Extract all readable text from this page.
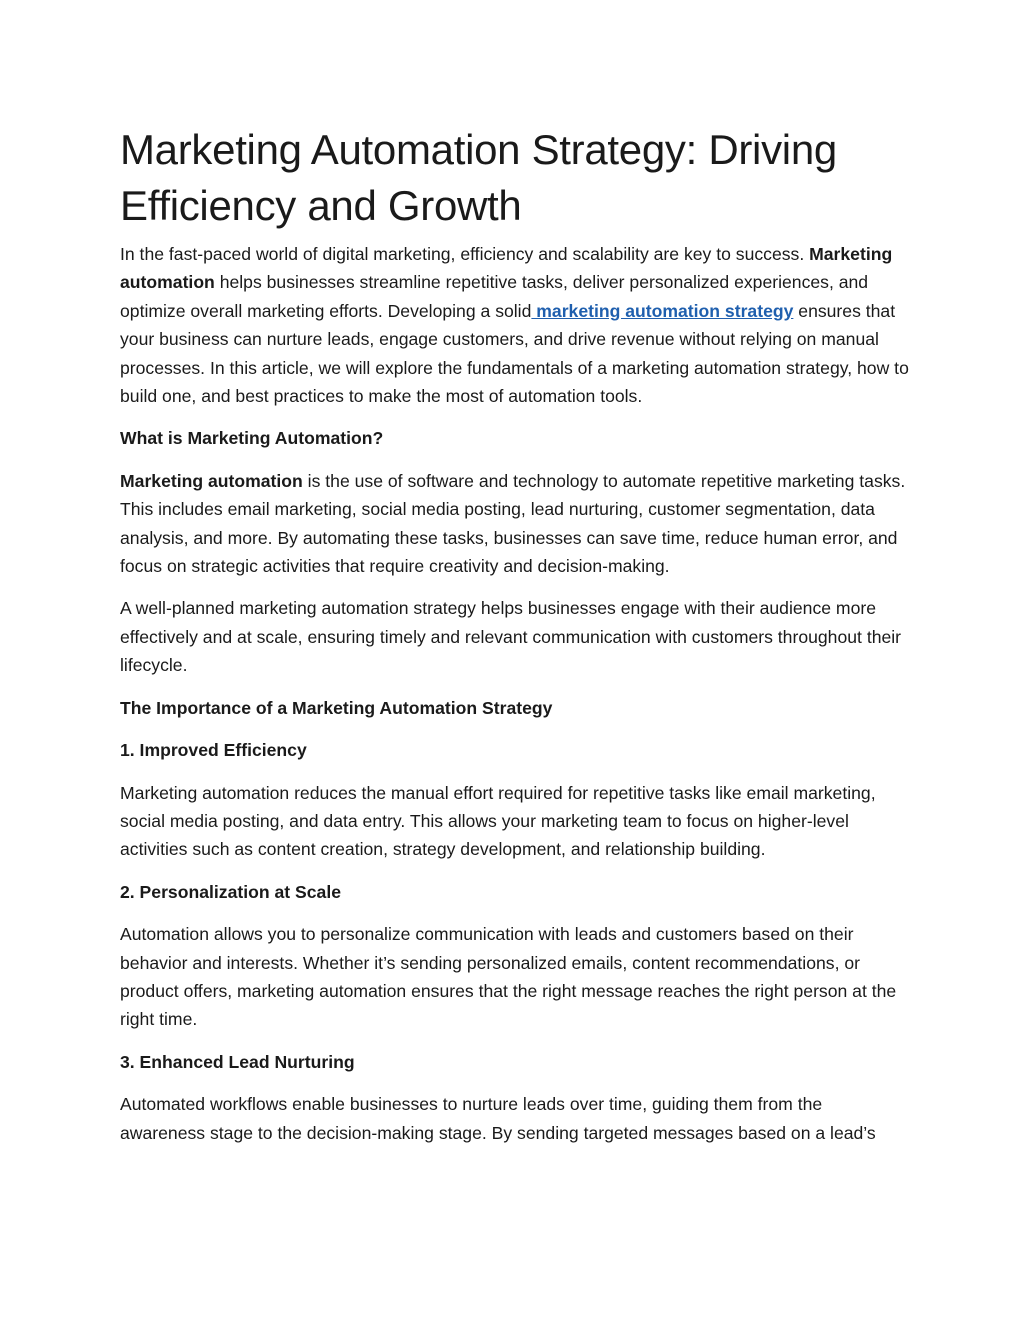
Marketing Automation Strategy: Driving Efficiency and Growth

In the fast-paced world of digital marketing, efficiency and scalability are key to success. Marketing automation helps businesses streamline repetitive tasks, deliver personalized experiences, and optimize overall marketing efforts. Developing a solid marketing automation strategy ensures that your business can nurture leads, engage customers, and drive revenue without relying on manual processes. In this article, we will explore the fundamentals of a marketing automation strategy, how to build one, and best practices to make the most of automation tools.

What is Marketing Automation?

Marketing automation is the use of software and technology to automate repetitive marketing tasks. This includes email marketing, social media posting, lead nurturing, customer segmentation, data analysis, and more. By automating these tasks, businesses can save time, reduce human error, and focus on strategic activities that require creativity and decision-making.

A well-planned marketing automation strategy helps businesses engage with their audience more effectively and at scale, ensuring timely and relevant communication with customers throughout their lifecycle.

The Importance of a Marketing Automation Strategy

1. Improved Efficiency

Marketing automation reduces the manual effort required for repetitive tasks like email marketing, social media posting, and data entry. This allows your marketing team to focus on higher-level activities such as content creation, strategy development, and relationship building.

2. Personalization at Scale

Automation allows you to personalize communication with leads and customers based on their behavior and interests. Whether it’s sending personalized emails, content recommendations, or product offers, marketing automation ensures that the right message reaches the right person at the right time.

3. Enhanced Lead Nurturing

Automated workflows enable businesses to nurture leads over time, guiding them from the awareness stage to the decision-making stage. By sending targeted messages based on a lead’s
